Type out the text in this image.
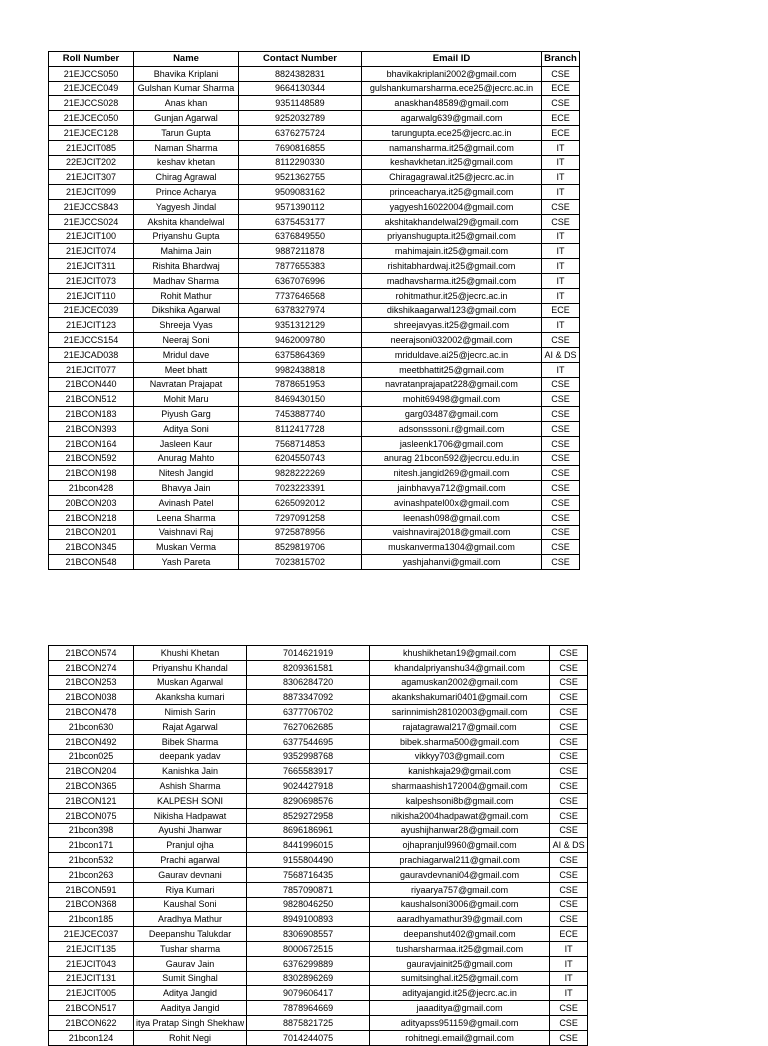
Roll Number	Name	Contact Number	Email ID	Branch
21EJCCS050	Bhavika Kriplani	8824382831	bhavikakriplani2002@gmail.com	CSE
21EJCEC049	Gulshan Kumar Sharma	9664130344	gulshankumarsharma.ece25@jecrc.ac.in	ECE
21EJCCS028	Anas khan	9351148589	anaskhan48589@gmail.com	CSE
21EJCEC050	Gunjan Agarwal	9252032789	agarwalg639@gmail.com	ECE
21EJCEC128	Tarun Gupta	6376275724	tarungupta.ece25@jecrc.ac.in	ECE
21EJCIT085	Naman Sharma	7690816855	namansharma.it25@gmail.com	IT
22EJCIT202	keshav khetan	8112290330	keshavkhetan.it25@gmail.com	IT
21EJCIT307	Chirag Agrawal	9521362755	Chiragagrawal.it25@jecrc.ac.in	IT
21EJCIT099	Prince Acharya	9509083162	princeacharya.it25@gmail.com	IT
21EJCCS843	Yagyesh Jindal	9571390112	yagyesh16022004@gmail.com	CSE
21EJCCS024	Akshita khandelwal	6375453177	akshitakhandelwal29@gmail.com	CSE
21EJCIT100	Priyanshu Gupta	6376849550	priyanshugupta.it25@gmail.com	IT
21EJCIT074	Mahima Jain	9887211878	mahimajain.it25@gmail.com	IT
21EJCIT311	Rishita Bhardwaj	7877655383	rishitabhardwaj.it25@gmail.com	IT
21EJCIT073	Madhav Sharma	6367076996	madhavsharma.it25@gmail.com	IT
21EJCIT110	Rohit Mathur	7737646568	rohitmathur.it25@jecrc.ac.in	IT
21EJCEC039	Dikshika Agarwal	6378327974	dikshikaagarwal123@gmail.com	ECE
21EJCIT123	Shreeja Vyas	9351312129	shreejavyas.it25@gmail.com	IT
21EJCCS154	Neeraj Soni	9462009780	neerajsoni032002@gmail.com	CSE
21EJCAD038	Mridul dave	6375864369	mriduldave.ai25@jecrc.ac.in	AI & DS
21EJCIT077	Meet bhatt	9982438818	meetbhattit25@gmail.com	IT
21BCON440	Navratan Prajapat	7878651953	navratanprajapat228@gmail.com	CSE
21BCON512	Mohit Maru	8469430150	mohit69498@gmail.com	CSE
21BCON183	Piyush Garg	7453887740	garg03487@gmail.com	CSE
21BCON393	Aditya Soni	8112417728	adsonsssoni.r@gmail.com	CSE
21BCON164	Jasleen Kaur	7568714853	jasleenk1706@gmail.com	CSE
21BCON592	Anurag Mahto	6204550743	anurag 21bcon592@jecrcu.edu.in	CSE
21BCON198	Nitesh Jangid	9828222269	nitesh.jangid269@gmail.com	CSE
21bcon428	Bhavya Jain	7023223391	jainbhavya712@gmail.com	CSE
20BCON203	Avinash Patel	6265092012	avinashpatel00x@gmail.com	CSE
21BCON218	Leena Sharma	7297091258	leenash098@gmail.com	CSE
21BCON201	Vaishnavi Raj	9725878956	vaishnaviraj2018@gmail.com	CSE
21BCON345	Muskan Verma	8529819706	muskanverma1304@gmail.com	CSE
21BCON548	Yash Pareta	7023815702	yashjahanvi@gmail.com	CSE
21BCON574	Khushi Khetan	7014621919	khushikhetan19@gmail.com	CSE
21BCON274	Priyanshu Khandal	8209361581	khandalpriyanshu34@gmail.com	CSE
21BCON253	Muskan Agarwal	8306284720	agamuskan2002@gmail.com	CSE
21BCON038	Akanksha kumari	8873347092	akankshakumari0401@gmail.com	CSE
21BCON478	Nimish Sarin	6377706702	sarinnimish28102003@gmail.com	CSE
21bcon630	Rajat Agarwal	7627062685	rajatagrawal217@gmail.com	CSE
21BCON492	Bibek Sharma	6377544695	bibek.sharma500@gmail.com	CSE
21bcon025	deepank yadav	9352998768	vikkyy703@gmail.com	CSE
21BCON204	Kanishka Jain	7665583917	kanishkaja29@gmail.com	CSE
21BCON365	Ashish Sharma	9024427918	sharmaashish172004@gmail.com	CSE
21BCON121	KALPESH SONI	8290698576	kalpeshsoni8b@gmail.com	CSE
21BCON075	Nikisha Hadpawat	8529272958	nikisha2004hadpawat@gmail.com	CSE
21bcon398	Ayushi Jhanwar	8696186961	ayushijhanwar28@gmail.com	CSE
21bcon171	Pranjul ojha	8441996015	ojhapranjul9960@gmail.com	AI & DS
21bcon532	Prachi agarwal	9155804490	prachiagarwal211@gmail.com	CSE
21bcon263	Gaurav devnani	7568716435	gauravdevnani04@gmail.com	CSE
21BCON591	Riya Kumari	7857090871	riyaarya757@gmail.com	CSE
21BCON368	Kaushal Soni	9828046250	kaushalsoni3006@gmail.com	CSE
21bcon185	Aradhya Mathur	8949100893	aaradhyamathur39@gmail.com	CSE
21EJCEC037	Deepanshu Talukdar	8306908557	deepanshut402@gmail.com	ECE
21EJCIT135	Tushar sharma	8000672515	tusharsharmaa.it25@gmail.com	IT
21EJCIT043	Gaurav Jain	6376299889	gauravjainit25@gmail.com	IT
21EJCIT131	Sumit Singhal	8302896269	sumitsinghal.it25@gmail.com	IT
21EJCIT005	Aditya Jangid	9079606417	adityajangid.it25@jecrc.ac.in	IT
21BCON517	Aaditya Jangid	7878964669	jaaaditya@gmail.com	CSE
21BCON622	itya Pratap Singh Shekhaw	8875821725	adityapss951159@gmail.com	CSE
21bcon124	Rohit Negi	7014244075	rohitnegi.email@gmail.com	CSE
